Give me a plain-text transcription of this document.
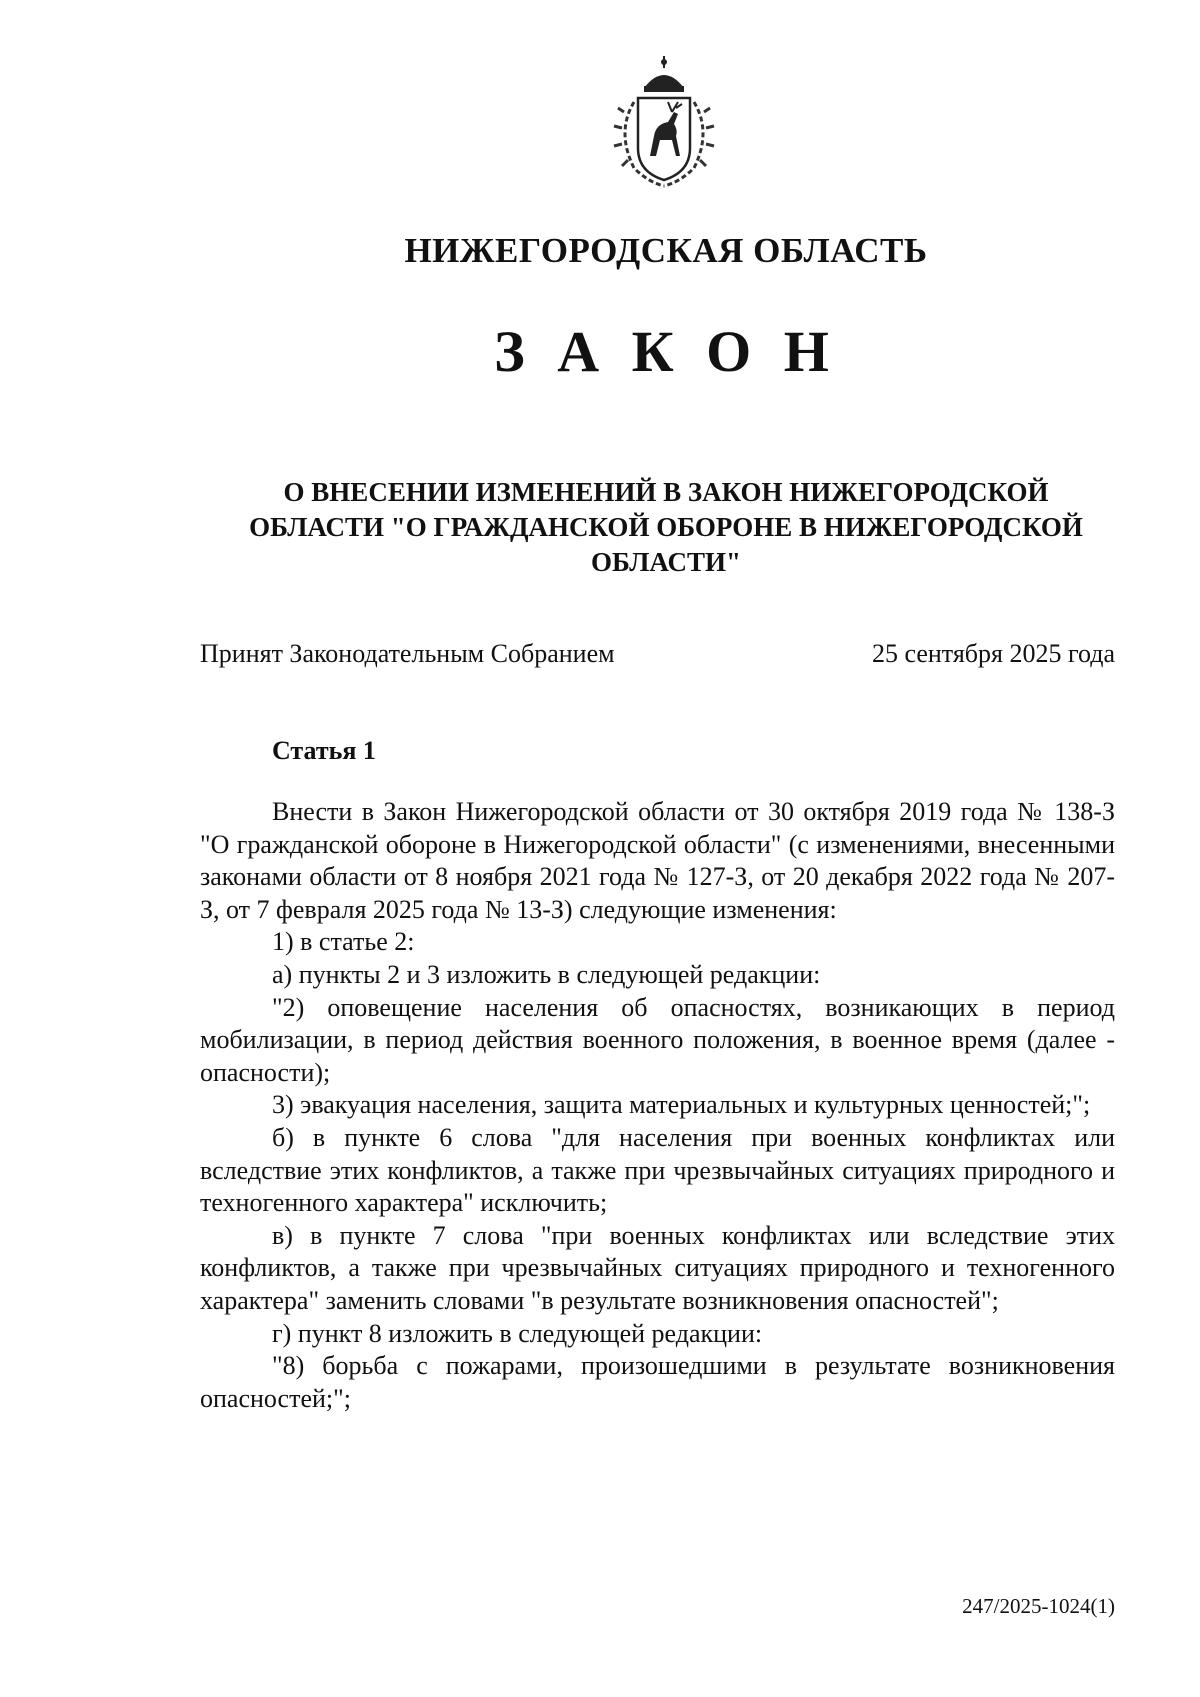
НИЖЕГОРОДСКАЯ ОБЛАСТЬ
З А К О Н
О ВНЕСЕНИИ ИЗМЕНЕНИЙ В ЗАКОН НИЖЕГОРОДСКОЙ
ОБЛАСТИ "О ГРАЖДАНСКОЙ ОБОРОНЕ В НИЖЕГОРОДСКОЙ
ОБЛАСТИ"
Принят Законодательным Собранием	25 сентября 2025 года
Статья 1

Внести в Закон Нижегородской области от 30 октября 2019 года № 138-З "О гражданской обороне в Нижегородской области" (с изменениями, внесенными законами области от 8 ноября 2021 года № 127-З, от 20 декабря 2022 года № 207-З, от 7 февраля 2025 года № 13-З) следующие изменения:

1) в статье 2:

а) пункты 2 и 3 изложить в следующей редакции:

"2) оповещение населения об опасностях, возникающих в период мобилизации, в период действия военного положения, в военное время (далее - опасности);

3) эвакуация населения, защита материальных и культурных ценностей;";

б) в пункте 6 слова "для населения при военных конфликтах или вследствие этих конфликтов, а также при чрезвычайных ситуациях природного и техногенного характера" исключить;

в) в пункте 7 слова "при военных конфликтах или вследствие этих конфликтов, а также при чрезвычайных ситуациях природного и техногенного характера" заменить словами "в результате возникновения опасностей";

г) пункт 8 изложить в следующей редакции:

"8) борьба с пожарами, произошедшими в результате возникновения опасностей;";

247/2025-1024(1)
